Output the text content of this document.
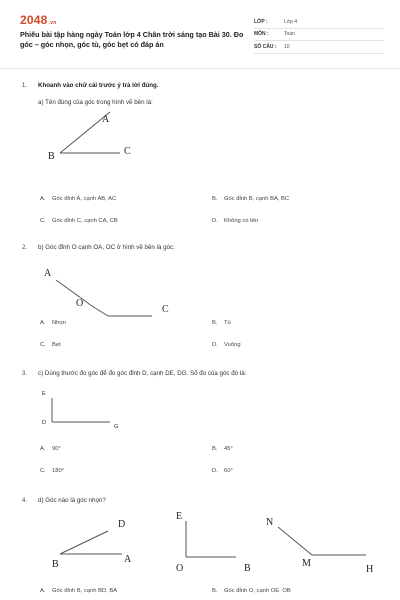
2048.vn
Phiếu bài tập hàng ngày Toán lớp 4 Chân trời sáng tạo Bài 30. Đo góc – góc nhọn, góc tù, góc bẹt có đáp án
LỚP :	Lớp 4
MÔN :	Toán
SỐ CÂU :	10
1. Khoanh vào chữ cái trước ý trả lời đúng.
a) Tên đúng của góc trong hình vẽ bên là:
A
B	C
A. Góc đỉnh A, cạnh AB, AC	B. Góc đỉnh B, cạnh BA, BC
C. Góc đỉnh C, cạnh CA, CB	D. Không có tên
2. b) Góc đỉnh O cạnh OA, OC ở hình vẽ bên là góc:
A
O
C
A. Nhọn	B. Tù
C. Bẹt	D. Vuông
3. c) Dùng thước đo góc để đo góc đỉnh D, cạnh DE, DG. Số đo của góc đó là:
E
D
G
A. 90°	B. 45°
C. 180°	D. 60°
4. d) Góc nào là góc nhọn?
D
B	A
E
O	B
N
M
H
A. Góc đỉnh B, cạnh BD, BA	B. Góc đỉnh O, cạnh OE, OB
